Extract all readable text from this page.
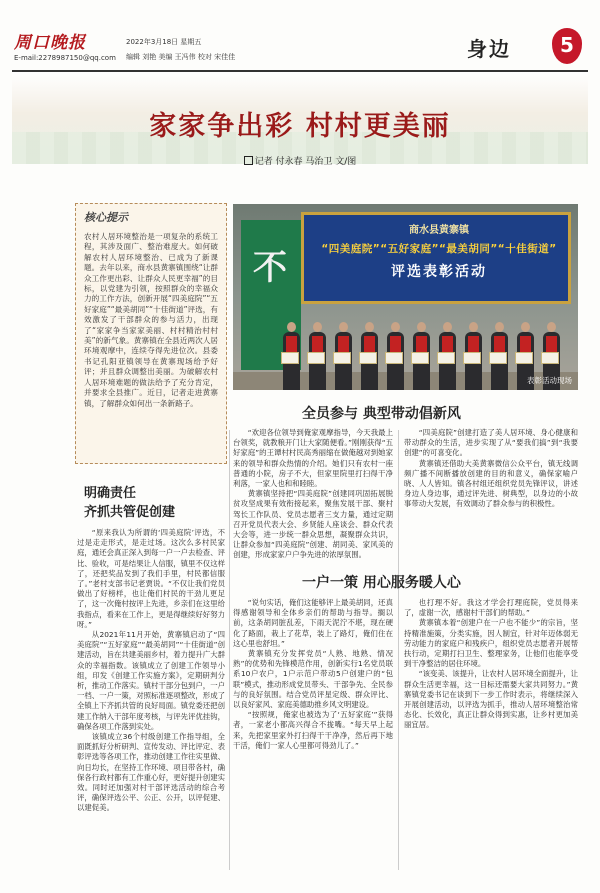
周口晚报
E-mail:2278987150@qq.com
2022年3月18日 星期五
编辑 刘艳 美编 王冯伟 校对 宋佳佳	身边	5
家家争出彩 村村更美丽
记者 付永春 马治卫 文/图
核心提示
农村人居环境整治是一项复杂的系统工程，其涉及面广、整治难度大。如何破解农村人居环境整治、已成为了新课题。去年以来，商水县黄寨镇围绕“让群众工作更出彩、让群众人民更幸福”的目标，以党建为引领，按照群众的幸福众力的工作方法，创新开展“四美庭院”“五好家庭”“最美胡同”“十佳街道”评选，有效激发了干部群众的参与活力，出现了“家家争当家家美丽、村村精治村村美”的新气象。黄寨镇在全县近两次人居环境观摩中，连续夺得先进位次。县委书记孔阳亚镇领导在黄寨现场给予好评；并且群众调整出美丽。为破解农村人居环境难题的做法给予了充分肯定，并要求全县推广。近日，记者走进黄寨镇，了解群众如何出一条新路子。
不
商水县黄寨镇
“四美庭院”“五好家庭”“最美胡同”“十佳街道”
评选表彰活动
表彰活动现场
全员参与 典型带动倡新风
明确责任
齐抓共管促创建

“欢迎各位领导到俺家观摩指导，今天我最上台领奖，就教粮开门让大家随便看。”刚刚获得“五好家庭”的王谭村村民高秀丽缩在做俺越对到她家来的领导和群众热情的介绍。她们只有农村一座普通的小院，房子不大，但家里院里打扫得干净利落，一家人也和和睦睦。

黄寨镇坚持把“四美庭院”创建同巩固拓展脱贫攻坚成果有效衔接起来，聚焦发展干部、聚村驾长工作队员、党员志愿者三支力量，通过定期召开党员代表大会、乡贤能人座谈会、群众代表大会等，进一步统一群众思想，凝聚群众共识，让群众参加“四美庭院”创建、胡同美、家风美的创建，形成家家户户争先进的浓厚氛围。

“四美庭院”创建打造了美人居环境、身心健康和带动群众的生活，进步实现了从“要我们搞”到“我要创建”的可喜变化。

黄寨镇还借助大美黄寨微信公众平台，镇无线调频广播不间断播放创建的目的和意义，确保家喻户晓、人人皆知。镇各村组还组织党员先锋评议，讲述身边人身边事，通过评先进、树典型，以身边的小故事带动大发展，有效调动了群众参与的积极性。

一户一策 用心服务暖人心

“原来我认为所谓的‘四美庭院’评选，不过是走走形式，是走过场。这次么多村民家庭，通还会真正深入到每一户一户去检查、评比、验收，可是结果让人信服，镇里不仅这样了，还把奖品发到了我们手里，村民都信服了。”老村支部书记老贾说。“不仅让我们党员做出了好榜样，也让俺们村民的干劲儿更足了，这一次俺村按评上先进，乡亲们在这里给我指点，看来在工作上，更是得继续好好努力呀。”

从2021年11月开始，黄寨镇启动了“四美庭院”“五好家庭”“最美胡同”“十佳街道”创建活动，旨在共建美丽乡村，着力提升广大群众的幸福指数。该镇成立了创建工作领导小组，印发《创建工作实施方案》，定期研判分析，推动工作落实。镇村干部分包到户，一户一档、一户一策，对照标准逐项整改，形成了全镇上下齐抓共管的良好局面。镇党委还把创建工作纳入干部年度考核，与评先评优挂钩，确保各项工作落到实处。

该镇成立36个村级创建工作指导组，全面既抓好分析研判、宣传发动、评比评定、表彰评选等各项工作，推动创建工作往实里做、向日均长，在坚持工作环境、项目带各村，确保各行政村都有工作重心好，更好提升创建实效。同时还加强对村干部评选活动的综合考评，确保评选公平、公正、公开，以评促建、以建促美。

“说句实话，俺们这能够评上最美胡同，还真得感谢领导和全体乡亲们的帮助与指导。搁以前，这条胡同脏乱差，下雨天泥泞不堪，现在硬化了路面，栽上了花草，装上了路灯，俺们住在这心里也舒坦。”

黄寨镇充分发挥党员“人熟、地熟、情况熟”的优势和先锋模范作用，创新实行1名党员联系10户农户，1户示范户带动5户创建户的“包联”模式，推动形成党员带头、干部争先、全民参与的良好氛围。结合党员评星定级、群众评比、以良好家风、家庭美德助推乡风文明建设。

“按照规，俺家也被选为了‘五好家庭’”获得者，一家老小都高兴得合不拢嘴。“每天早上起来，先把家里家外打扫得干干净净，然后再下地干活，俺们一家人心里都可得劲儿了。”

也打理不好。我这才学会打理庭院，党员得来了，虚谢一次，感谢村干部们的帮助。”

黄寨镇本着“创建户在一户也不能少”的宗旨，坚持精准施策，分类实施，因人制宜，针对年迈体弱无劳动能力的家庭户和残疾户，组织党员志愿者开展帮扶行动，定期打扫卫生、整理家务，让他们也能享受到干净整洁的居住环境。

“该变美、该提升，让农村人居环境全面提升，让群众生活更幸福，这一目标还需要大家共同努力。”黄寨镇党委书记在谈到下一步工作时表示，将继续深入开展创建活动，以评选为抓手，推动人居环境整治常态化、长效化，真正让群众得到实惠，让乡村更加美丽宜居。
